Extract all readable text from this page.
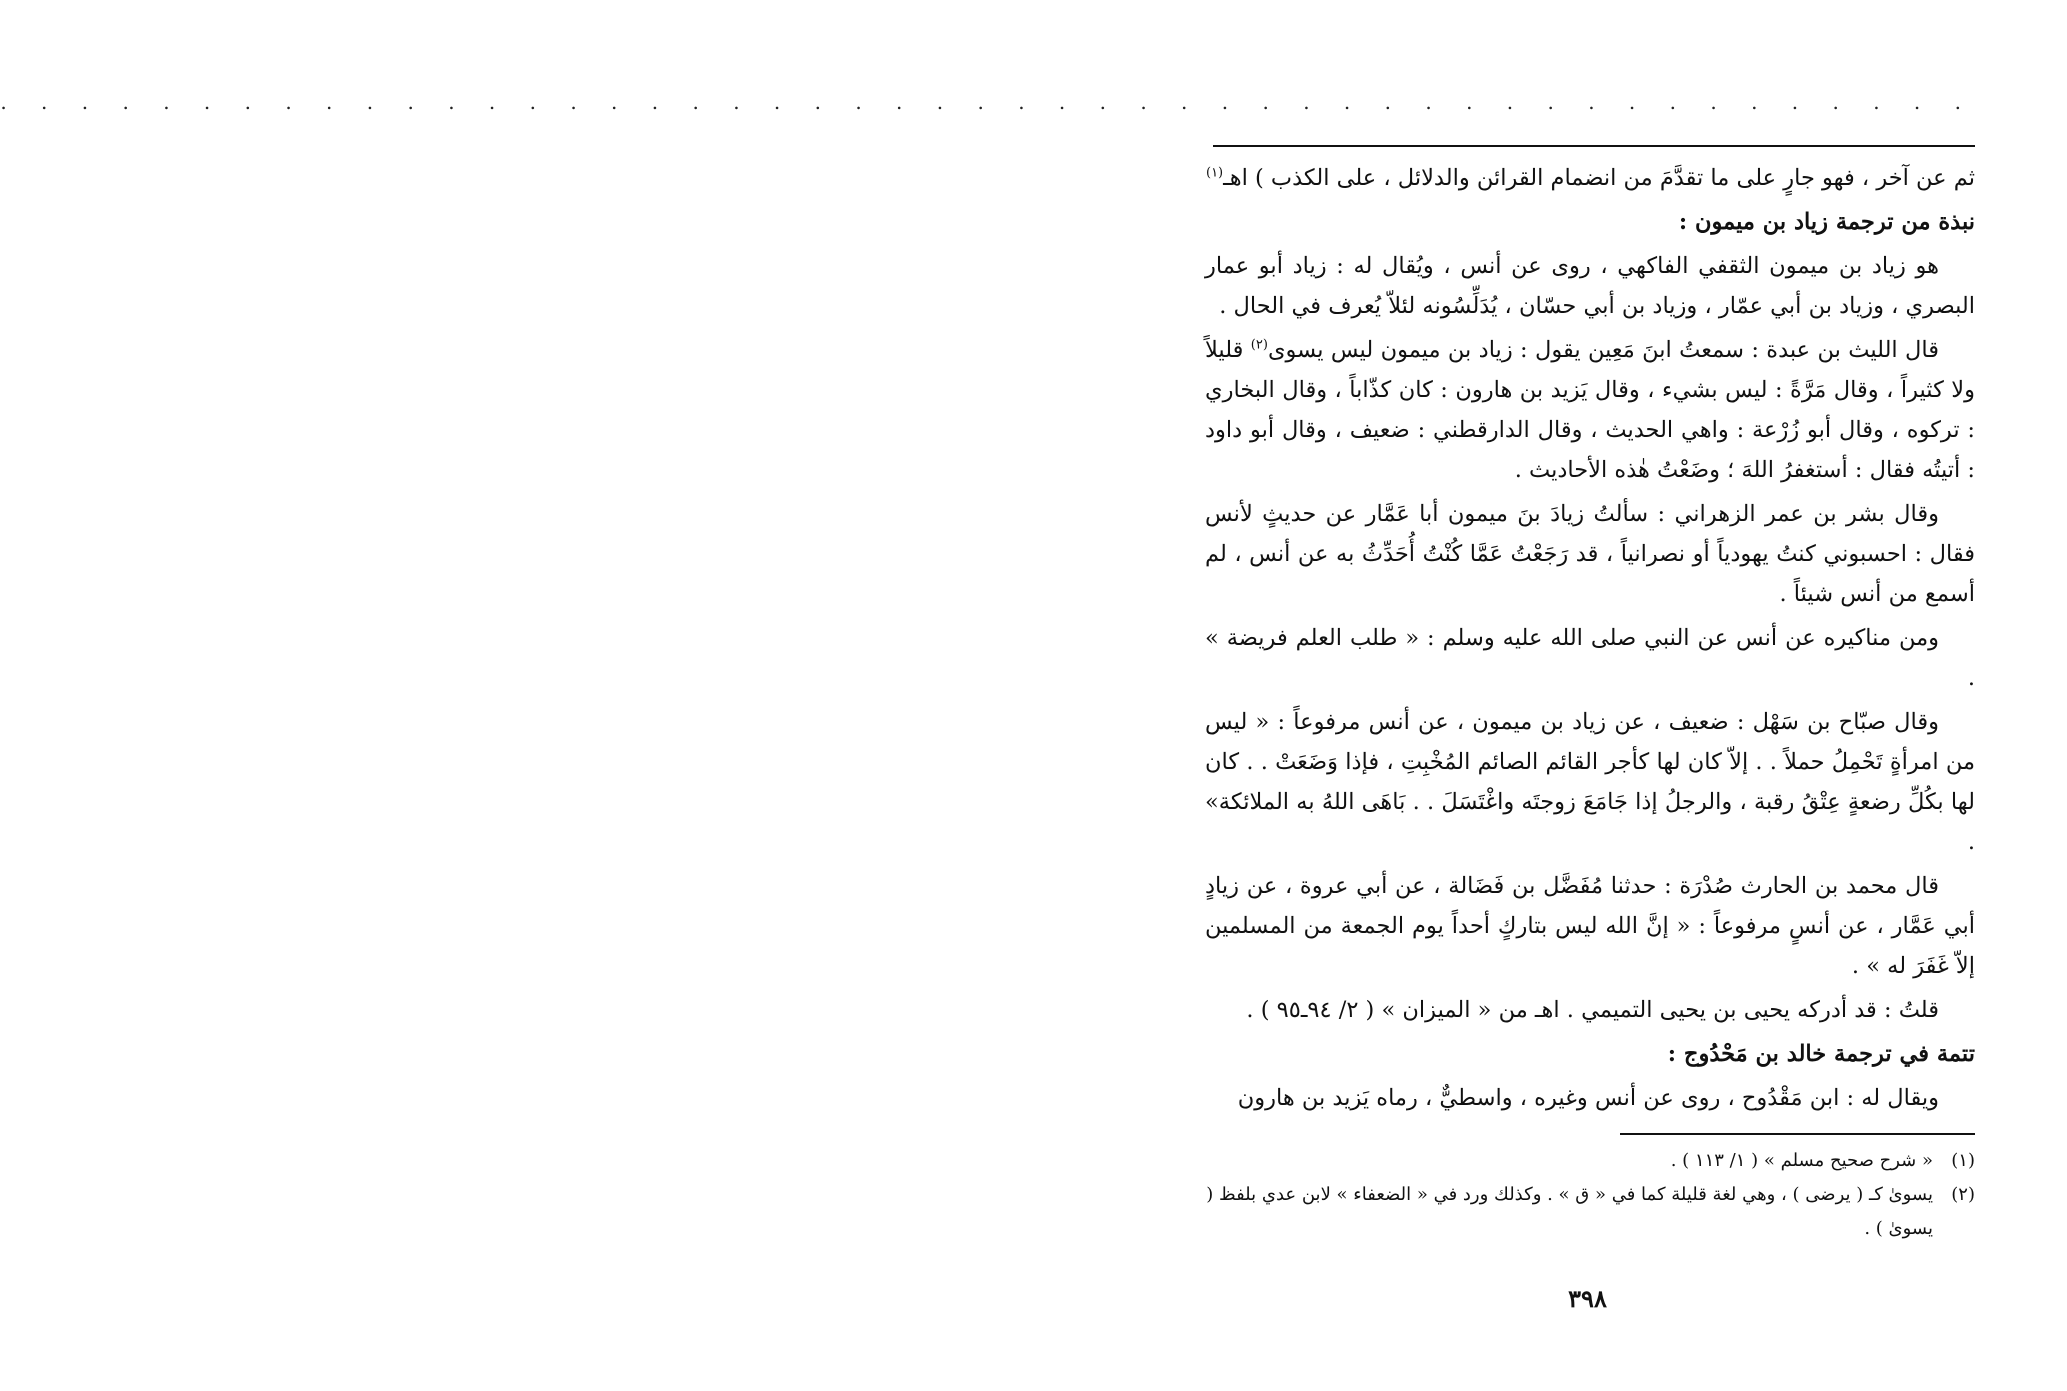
. . . . . . . . . . . . . . . . . . . . . . . . . . . . . . . . . . . . . . . . . . . . . . . . .

ثم عن آخر ، فهو جارٍ على ما تقدَّمَ من انضمام القرائن والدلائل ، على الكذب ) اهـ$^{(١)}$

نبذة من ترجمة زياد بن ميمون :

هو زياد بن ميمون الثقفي الفاكهي ، روى عن أنس ، ويُقال له : زياد أبو عمار البصري ، وزياد بن أبي عمّار ، وزياد بن أبي حسّان ، يُدَلِّسُونه لئلاّ يُعرف في الحال .

قال الليث بن عبدة : سمعتُ ابنَ مَعِين يقول : زياد بن ميمون ليس يسوى$^{(٢)}$ قليلاً ولا كثيراً ، وقال مَرَّةً : ليس بشيء ، وقال يَزيد بن هارون : كان كذّاباً ، وقال البخاري : تركوه ، وقال أبو زُرْعة : واهي الحديث ، وقال الدارقطني : ضعيف ، وقال أبو داود : أتيتُه فقال : أستغفرُ اللهَ ؛ وضَعْتُ هٰذه الأحاديث .

وقال بشر بن عمر الزهراني : سألتُ زيادَ بنَ ميمون أبا عَمَّار عن حديثٍ لأنس فقال : احسبوني كنتُ يهودياً أو نصرانياً ، قد رَجَعْتُ عَمَّا كُنْتُ أُحَدِّثُ به عن أنس ، لم أسمع من أنس شيئاً .

ومن مناكيره عن أنس عن النبي صلى الله عليه وسلم : « طلب العلم فريضة » .

وقال صبّاح بن سَهْل : ضعيف ، عن زياد بن ميمون ، عن أنس مرفوعاً : « ليس من امرأةٍ تَحْمِلُ حملاً . . إلاّ كان لها كأجر القائم الصائم المُخْبِتِ ، فإذا وَضَعَتْ . . كان لها بكُلِّ رضعةٍ عِتْقُ رقبة ، والرجلُ إذا جَامَعَ زوجتَه واغْتَسَلَ . . بَاهَى اللهُ به الملائكة» .

قال محمد بن الحارث صُدْرَة : حدثنا مُفَضَّل بن فَضَالة ، عن أبي عروة ، عن زيادٍ أبي عَمَّار ، عن أنسٍ مرفوعاً : « إنَّ الله ليس بتاركٍ أحداً يوم الجمعة من المسلمين إلاّ غَفَرَ له » .

قلتُ : قد أدركه يحيى بن يحيى التميمي . اهـ من « الميزان » ( ٢/ ٩٤ـ٩٥ ) .

تتمة في ترجمة خالد بن مَحْدُوج :

ويقال له : ابن مَقْدُوح ، روى عن أنس وغيره ، واسطيٌّ ، رماه يَزيد بن هارون

(١)
« شرح صحيح مسلم » ( ١/ ١١٣ ) .
(٢)
يسوىٰ كـ ( يرضى ) ، وهي لغة قليلة كما في « ق » . وكذلك ورد في « الضعفاء » لابن عدي بلفظ ( يسوىٰ ) .
٣٩٨
